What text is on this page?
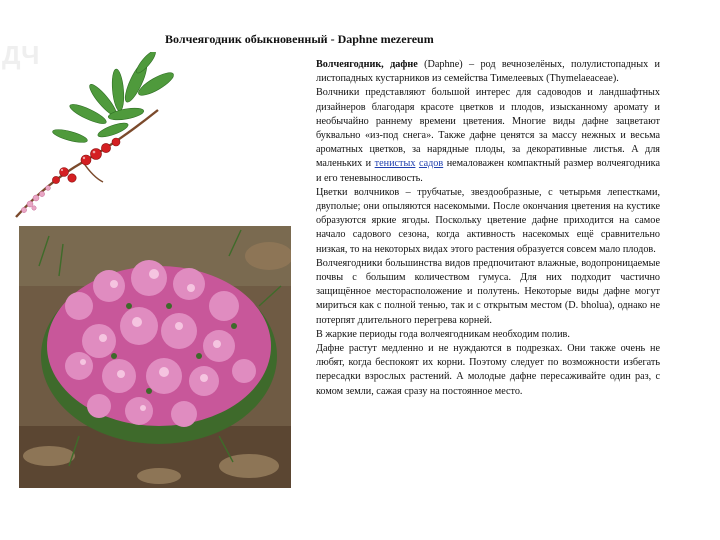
Волчеягодник обыкновенный - Daphne mezereum
ДЧ	Волчеягодник, дафне (Daphne) – род вечнозелёных, полулистопадных и листопадных кустарников из семейства Тимелеевых (Thymelaeaceae).

Волчники представляют большой интерес для садоводов и ландшафтных дизайнеров благодаря красоте цветков и плодов, изысканному аромату и необычайно раннему времени цветения. Многие виды дафне зацветают буквально «из-под снега». Также дафне ценятся за массу нежных и весьма ароматных цветков, за нарядные плоды, за декоративные листья. А для маленьких и тенистых садов немаловажен компактный размер волчеягодника и его теневыносливость.

Цветки волчников – трубчатые, звездообразные, с четырьмя лепестками, двуполые; они опыляются насекомыми. После окончания цветения на кустике образуются яркие ягоды. Поскольку цветение дафне приходится на самое начало садового сезона, когда активность насекомых ещё сравнительно низкая, то на некоторых видах этого растения образуется совсем мало плодов.

Волчеягодники большинства видов предпочитают влажные, водопроницаемые почвы с большим количеством гумуса. Для них подходит частично защищённое месторасположение и полутень. Некоторые виды дафне могут мириться как с полной тенью, так и с открытым местом (D. bholua), однако не потерпят длительного перегрева корней.

В жаркие периоды года волчеягодникам необходим полив.

Дафне растут медленно и не нуждаются в подрезках. Они также очень не любят, когда беспокоят их корни. Поэтому следует по возможности избегать пересадки взрослых растений. А молодые дафне пересаживайте один раз, с комом земли, сажая сразу на постоянное место.
